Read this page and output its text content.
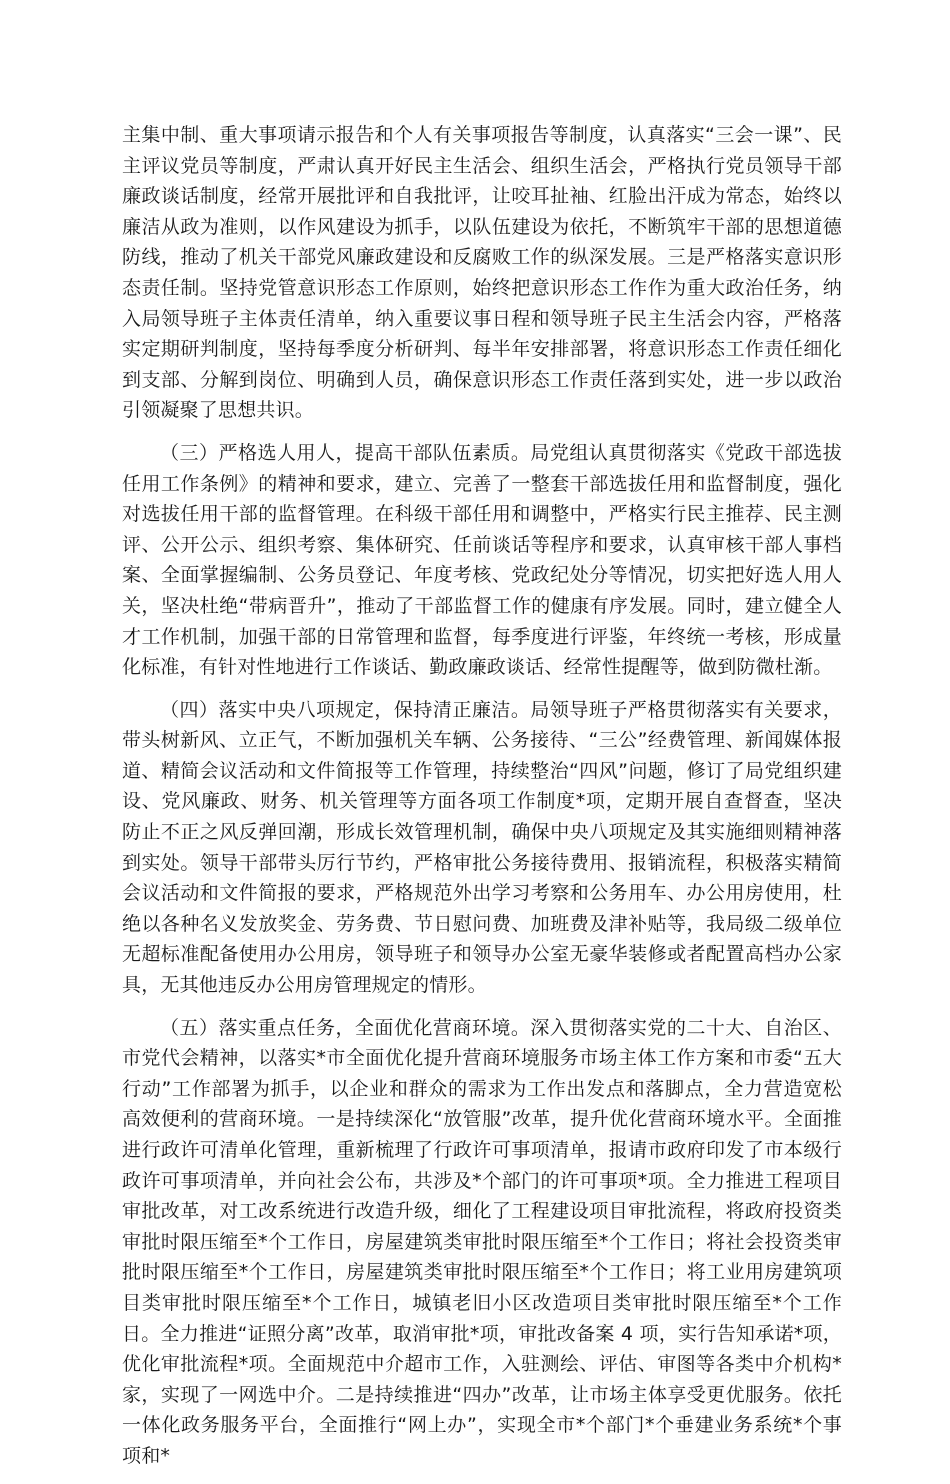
主集中制、重大事项请示报告和个人有关事项报告等制度，认真落实“三会一课”、民主评议党员等制度，严肃认真开好民主生活会、组织生活会，严格执行党员领导干部廉政谈话制度，经常开展批评和自我批评，让咬耳扯袖、红脸出汗成为常态，始终以廉洁从政为准则，以作风建设为抓手，以队伍建设为依托，不断筑牢干部的思想道德防线，推动了机关干部党风廉政建设和反腐败工作的纵深发展。三是严格落实意识形态责任制。坚持党管意识形态工作原则，始终把意识形态工作作为重大政治任务，纳入局领导班子主体责任清单，纳入重要议事日程和领导班子民主生活会内容，严格落实定期研判制度，坚持每季度分析研判、每半年安排部署，将意识形态工作责任细化到支部、分解到岗位、明确到人员，确保意识形态工作责任落到实处，进一步以政治引领凝聚了思想共识。

（三）严格选人用人，提高干部队伍素质。局党组认真贯彻落实《党政干部选拔任用工作条例》的精神和要求，建立、完善了一整套干部选拔任用和监督制度，强化对选拔任用干部的监督管理。在科级干部任用和调整中，严格实行民主推荐、民主测评、公开公示、组织考察、集体研究、任前谈话等程序和要求，认真审核干部人事档案、全面掌握编制、公务员登记、年度考核、党政纪处分等情况，切实把好选人用人关，坚决杜绝“带病晋升”，推动了干部监督工作的健康有序发展。同时，建立健全人才工作机制，加强干部的日常管理和监督，每季度进行评鉴，年终统一考核，形成量化标准，有针对性地进行工作谈话、勤政廉政谈话、经常性提醒等，做到防微杜渐。

（四）落实中央八项规定，保持清正廉洁。局领导班子严格贯彻落实有关要求，带头树新风、立正气，不断加强机关车辆、公务接待、“三公”经费管理、新闻媒体报道、精简会议活动和文件简报等工作管理，持续整治“四风”问题，修订了局党组织建设、党风廉政、财务、机关管理等方面各项工作制度*项，定期开展自查督查，坚决防止不正之风反弹回潮，形成长效管理机制，确保中央八项规定及其实施细则精神落到实处。领导干部带头厉行节约，严格审批公务接待费用、报销流程，积极落实精简会议活动和文件简报的要求，严格规范外出学习考察和公务用车、办公用房使用，杜绝以各种名义发放奖金、劳务费、节日慰问费、加班费及津补贴等，我局级二级单位无超标准配备使用办公用房，领导班子和领导办公室无豪华装修或者配置高档办公家具，无其他违反办公用房管理规定的情形。

（五）落实重点任务，全面优化营商环境。深入贯彻落实党的二十大、自治区、市党代会精神，以落实*市全面优化提升营商环境服务市场主体工作方案和市委“五大行动”工作部署为抓手，以企业和群众的需求为工作出发点和落脚点，全力营造宽松高效便利的营商环境。一是持续深化“放管服”改革，提升优化营商环境水平。全面推进行政许可清单化管理，重新梳理了行政许可事项清单，报请市政府印发了市本级行政许可事项清单，并向社会公布，共涉及*个部门的许可事项*项。全力推进工程项目审批改革，对工改系统进行改造升级，细化了工程建设项目审批流程，将政府投资类审批时限压缩至*个工作日，房屋建筑类审批时限压缩至*个工作日；将社会投资类审批时限压缩至*个工作日，房屋建筑类审批时限压缩至*个工作日；将工业用房建筑项目类审批时限压缩至*个工作日，城镇老旧小区改造项目类审批时限压缩至*个工作日。全力推进“证照分离”改革，取消审批*项，审批改备案 4 项，实行告知承诺*项，优化审批流程*项。全面规范中介超市工作，入驻测绘、评估、审图等各类中介机构*家，实现了一网选中介。二是持续推进“四办”改革，让市场主体享受更优服务。依托一体化政务服务平台，全面推行“网上办”，实现全市*个部门*个垂建业务系统*个事项和*
